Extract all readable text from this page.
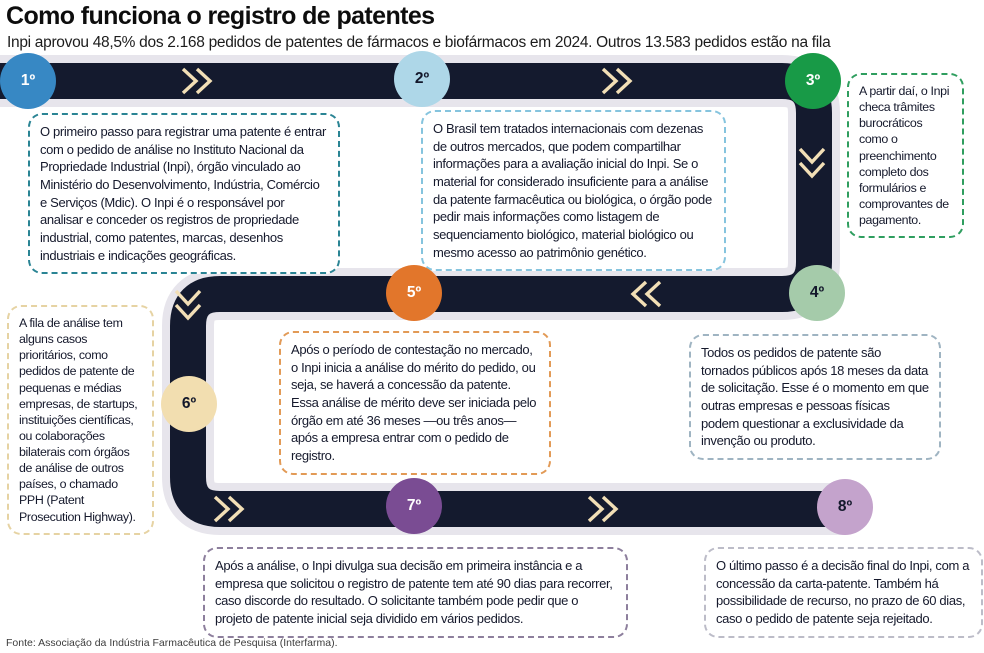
Como funciona o registro de patentes

Inpi aprovou 48,5% dos 2.168 pedidos de patentes de fármacos e biofármacos em 2024. Outros 13.583 pedidos estão na fila

1º	2º	3º
4º
5º
6º
7º	8º
O primeiro passo para registrar uma patente é entrar com o pedido de análise no Instituto Nacional da Propriedade Industrial (Inpi), órgão vinculado ao Ministério do Desenvolvimento, Indústria, Comércio e Serviços (Mdic). O Inpi é o responsável por analisar e conceder os registros de propriedade industrial, como patentes, marcas, desenhos industriais e indicações geográficas.
O Brasil tem tratados internacionais com dezenas de outros mercados, que podem compartilhar informações para a avaliação inicial do Inpi. Se o material for considerado insuficiente para a análise da patente farmacêutica ou biológica, o órgão pode pedir mais informações como listagem de sequenciamento biológico, material biológico ou mesmo acesso ao patrimônio genético.
A partir daí, o Inpi checa trâmites burocráticos como o preenchimento completo dos formulários e comprovantes de pagamento.
Todos os pedidos de patente são tornados públicos após 18 meses da data de solicitação. Esse é o momento em que outras empresas e pessoas físicas podem questionar a exclusividade da invenção ou produto.
Após o período de contestação no mercado, o Inpi inicia a análise do mérito do pedido, ou seja, se haverá a concessão da patente. Essa análise de mérito deve ser iniciada pelo órgão em até 36 meses —ou três anos— após a empresa entrar com o pedido de registro.
A fila de análise tem alguns casos prioritários, como pedidos de patente de pequenas e médias empresas, de startups, instituições científicas, ou colaborações bilaterais com órgãos de análise de outros países, o chamado PPH (Patent Prosecution Highway).
Após a análise, o Inpi divulga sua decisão em primeira instância e a empresa que solicitou o registro de patente tem até 90 dias para recorrer, caso discorde do resultado. O solicitante também pode pedir que o projeto de patente inicial seja dividido em vários pedidos.
O último passo é a decisão final do Inpi, com a concessão da carta-patente. Também há possibilidade de recurso, no prazo de 60 dias, caso o pedido de patente seja rejeitado.
Fonte: Associação da Indústria Farmacêutica de Pesquisa (Interfarma).
